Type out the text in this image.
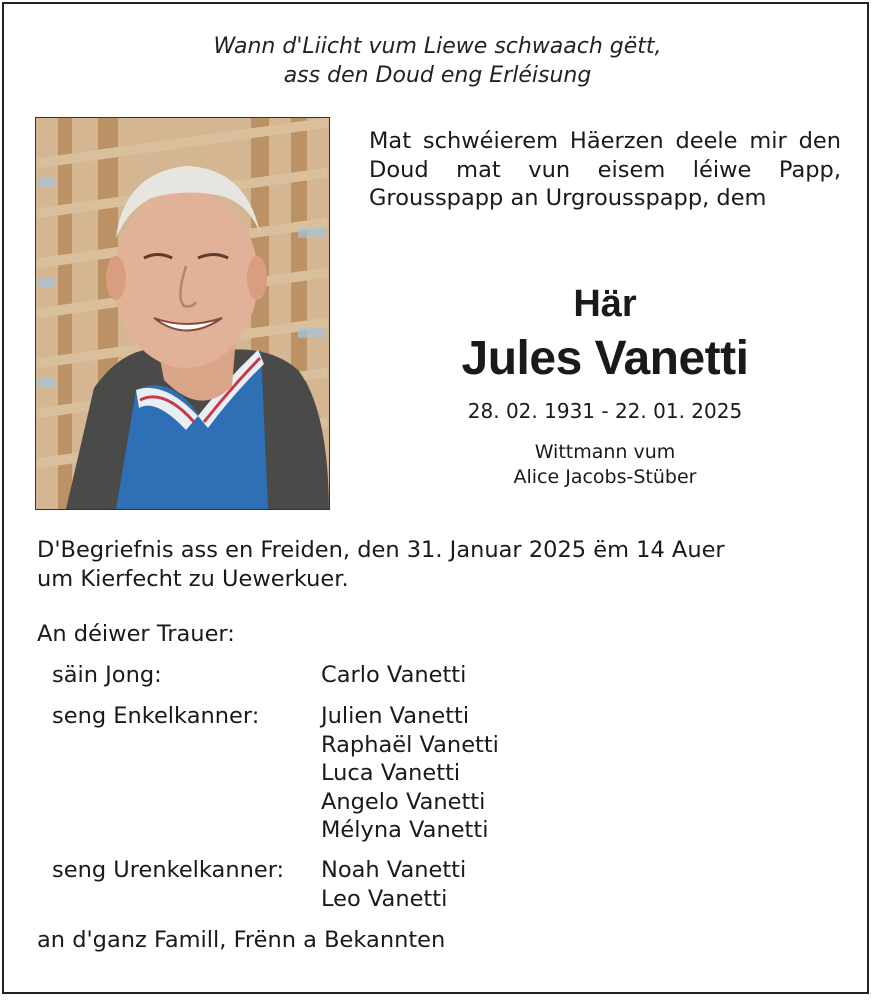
Wann d'Liicht vum Liewe schwaach gëtt,
ass den Doud eng Erléisung
Mat schwéierem Häerzen deele mir den Doud mat vun eisem léiwe Papp, Grousspapp an Urgrousspapp, dem
Här
Jules Vanetti
28. 02. 1931 - 22. 01. 2025
Wittmann vum
Alice Jacobs-Stüber
D'Begriefnis ass en Freiden, den 31. Januar 2025 ëm 14 Auer
um Kierfecht zu Uewerkuer.
An déiwer Trauer:
säin Jong:	Carlo Vanetti
seng Enkelkanner:	Julien Vanetti
Raphaël Vanetti
Luca Vanetti
Angelo Vanetti
Mélyna Vanetti
seng Urenkelkanner: Noah Vanetti
Leo Vanetti
an d'ganz Famill, Frënn a Bekannten
